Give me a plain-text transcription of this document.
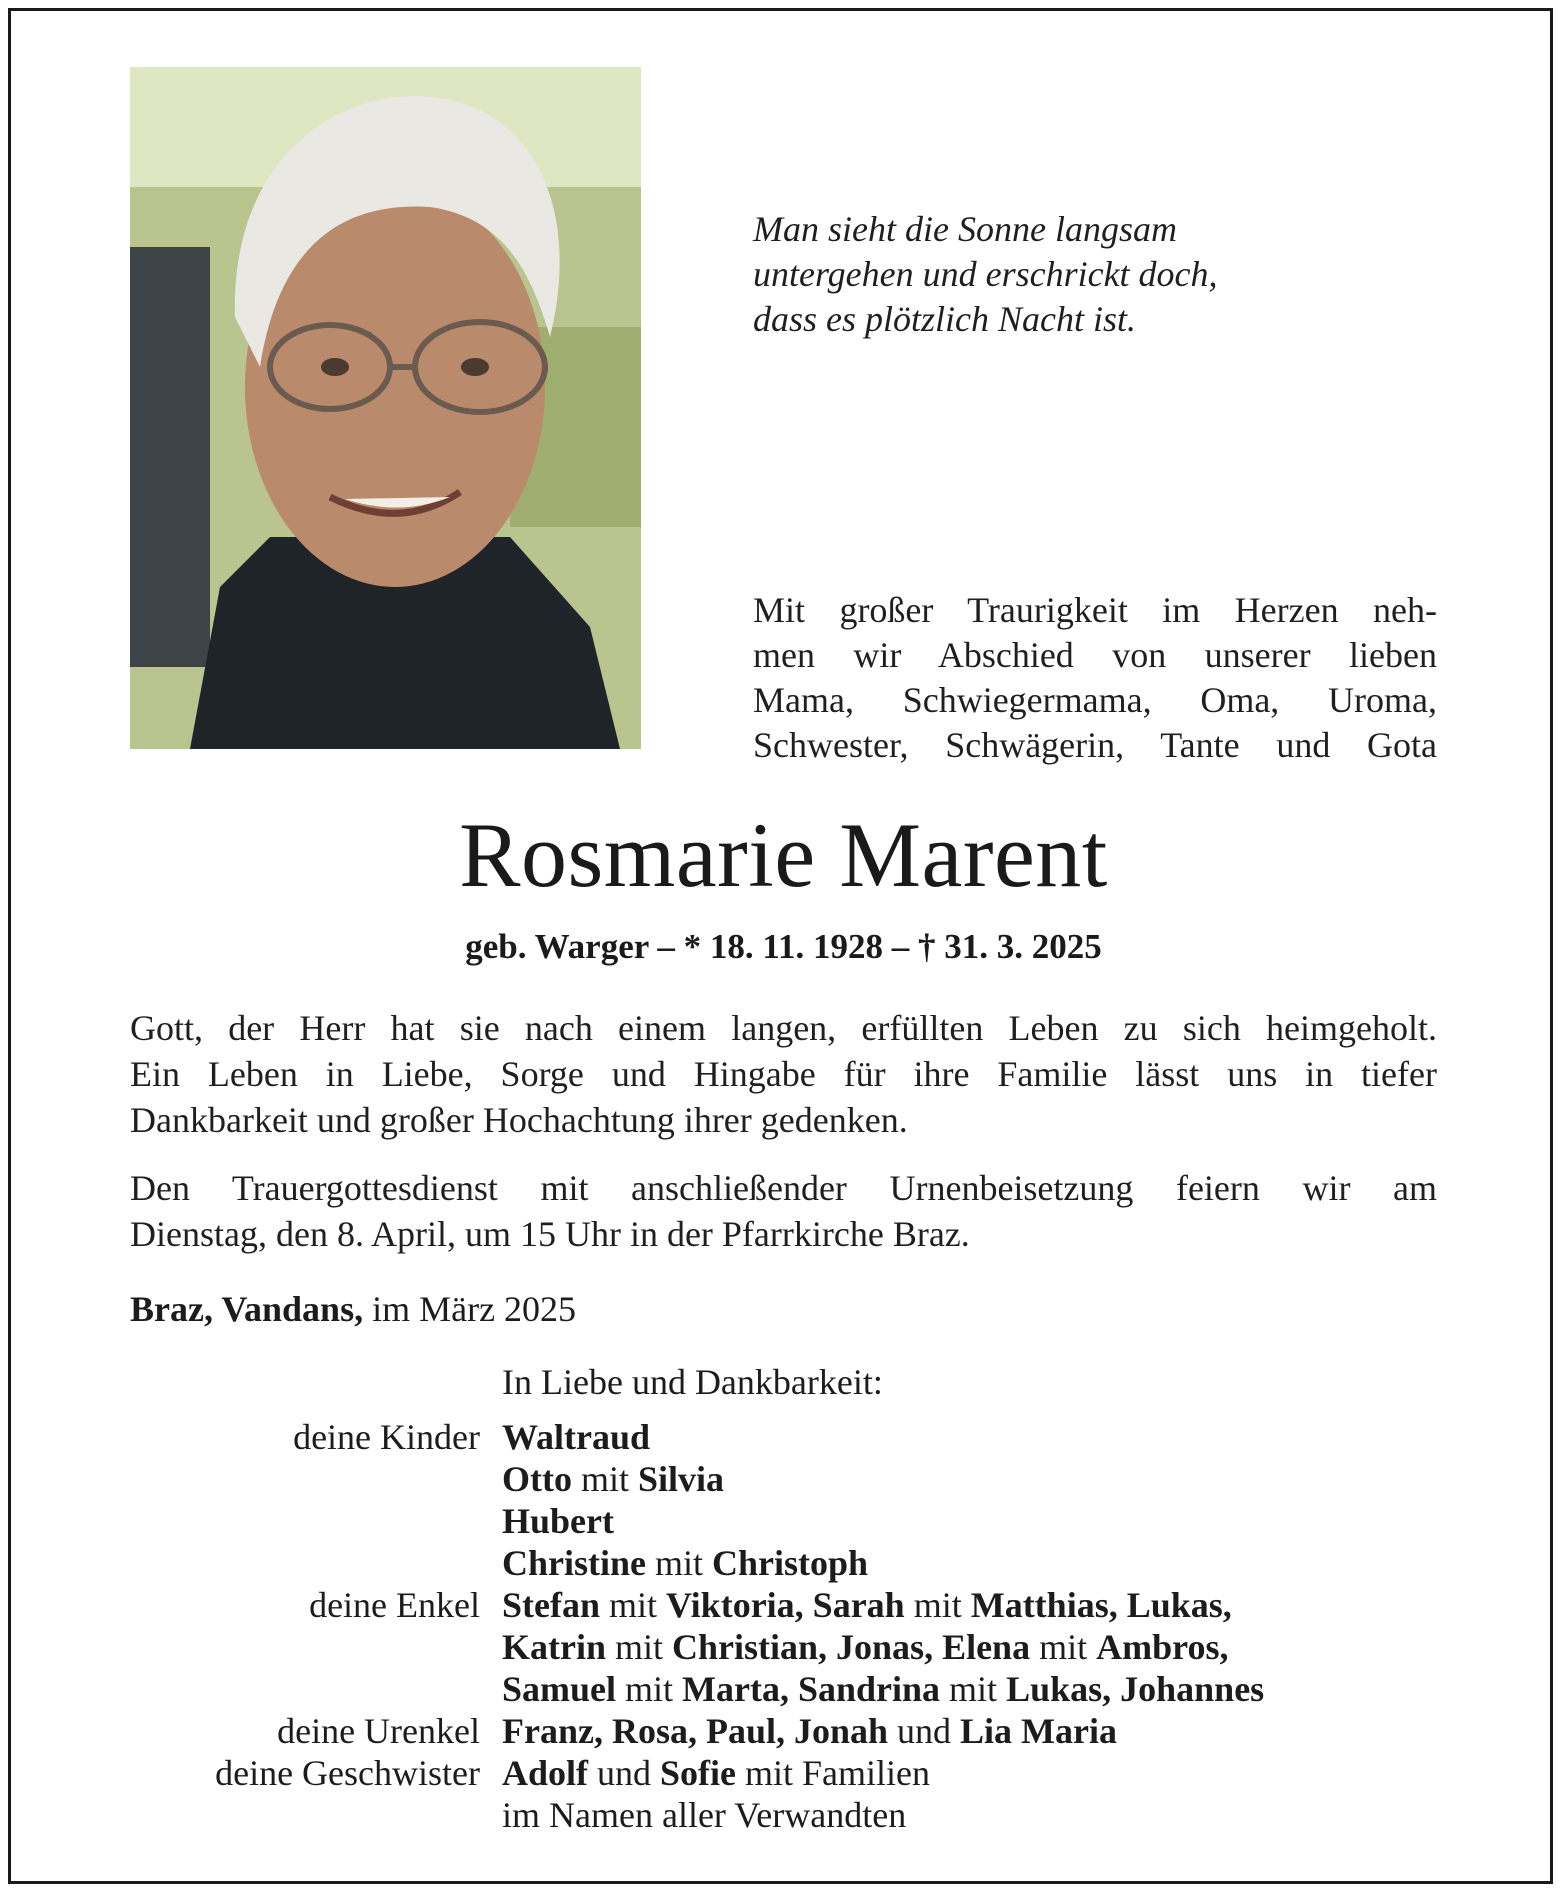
Man sieht die Sonne langsam
untergehen und erschrickt doch,
dass es plötzlich Nacht ist.
Mit großer Traurigkeit im Herzen neh-
men wir Abschied von unserer lieben
Mama, Schwiegermama, Oma, Uroma,
Schwester, Schwägerin, Tante und Gota
Rosmarie Marent
geb. Warger – * 18. 11. 1928 – † 31. 3. 2025
Gott, der Herr hat sie nach einem langen, erfüllten Leben zu sich heimgeholt.
Ein Leben in Liebe, Sorge und Hingabe für ihre Familie lässt uns in tiefer
Dankbarkeit und großer Hochachtung ihrer gedenken.
Den Trauergottesdienst mit anschließender Urnenbeisetzung feiern wir am
Dienstag, den 8. April, um 15 Uhr in der Pfarrkirche Braz.
Braz, Vandans, im März 2025
In Liebe und Dankbarkeit:
deine Kinder Waltraud
Otto mit Silvia
Hubert
Christine mit Christoph
deine Enkel Stefan mit Viktoria, Sarah mit Matthias, Lukas,
Katrin mit Christian, Jonas, Elena mit Ambros,
Samuel mit Marta, Sandrina mit Lukas, Johannes
deine Urenkel Franz, Rosa, Paul, Jonah und Lia Maria
deine Geschwister Adolf und Sofie mit Familien
im Namen aller Verwandten
